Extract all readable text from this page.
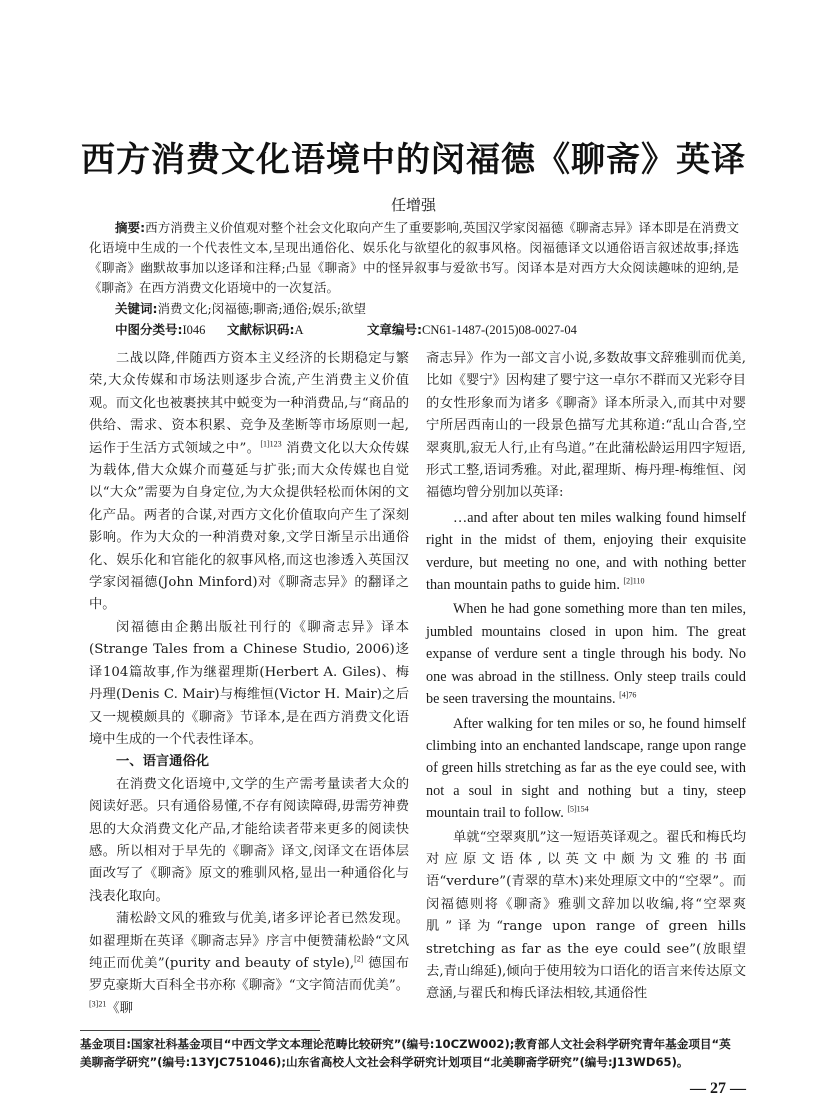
西方消费文化语境中的闵福德《聊斋》英译
任增强
摘要:西方消费主义价值观对整个社会文化取向产生了重要影响,英国汉学家闵福德《聊斋志异》译本即是在消费文化语境中生成的一个代表性文本,呈现出通俗化、娱乐化与欲望化的叙事风格。闵福德译文以通俗语言叙述故事;择选《聊斋》幽默故事加以迻译和注释;凸显《聊斋》中的怪异叙事与爱欲书写。闵译本是对西方大众阅读趣味的迎纳,是《聊斋》在西方消费文化语境中的一次复活。
关键词:消费文化;闵福德;聊斋;通俗;娱乐;欲望
中图分类号:I046	文献标识码:A	文章编号:CN61-1487-(2015)08-0027-04

二战以降,伴随西方资本主义经济的长期稳定与繁荣,大众传媒和市场法则逐步合流,产生消费主义价值观。而文化也被裹挟其中蜕变为一种消费品,与“商品的供给、需求、资本积累、竞争及垄断等市场原则一起,运作于生活方式领域之中”。$^{[1]123}$ 消费文化以大众传媒为载体,借大众媒介而蔓延与扩张;而大众传媒也自觉以“大众”需要为自身定位,为大众提供轻松而休闲的文化产品。两者的合谋,对西方文化价值取向产生了深刻影响。作为大众的一种消费对象,文学日渐呈示出通俗化、娱乐化和官能化的叙事风格,而这也渗透入英国汉学家闵福德(John Minford)对《聊斋志异》的翻译之中。

闵福德由企鹅出版社刊行的《聊斋志异》译本(Strange Tales from a Chinese Studio, 2006)迻译104篇故事,作为继翟理斯(Herbert A. Giles)、梅丹理(Denis C. Mair)与梅维恒(Victor H. Mair)之后又一规模颇具的《聊斋》节译本,是在西方消费文化语境中生成的一个代表性译本。

一、语言通俗化

在消费文化语境中,文学的生产需考量读者大众的阅读好恶。只有通俗易懂,不存有阅读障碍,毋需劳神费思的大众消费文化产品,才能给读者带来更多的阅读快感。所以相对于早先的《聊斋》译文,闵译文在语体层面改写了《聊斋》原文的雅驯风格,显出一种通俗化与浅表化取向。

蒲松龄文风的雅致与优美,诸多评论者已然发现。如翟理斯在英译《聊斋志异》序言中便赞蒲松龄“文风纯正而优美”(purity and beauty of style),[2] 德国布罗克豪斯大百科全书亦称《聊斋》“文字简洁而优美”。$^{[3]21}$《聊

斋志异》作为一部文言小说,多数故事文辞雅驯而优美,比如《婴宁》因构建了婴宁这一卓尔不群而又光彩夺目的女性形象而为诸多《聊斋》译本所录入,而其中对婴宁所居西南山的一段景色描写尤其称道:“乱山合沓,空翠爽肌,寂无人行,止有鸟道。”在此蒲松龄运用四字短语,形式工整,语词秀雅。对此,翟理斯、梅丹理-梅维恒、闵福德均曾分别加以英译:

…and after about ten miles walking found himself right in the midst of them, enjoying their exquisite verdure, but meeting no one, and with nothing better than mountain paths to guide him. $^{[2]110}$

When he had gone something more than ten miles, jumbled mountains closed in upon him. The great expanse of verdure sent a tingle through his body. No one was abroad in the stillness. Only steep trails could be seen traversing the mountains. $^{[4]76}$

After walking for ten miles or so, he found himself climbing into an enchanted landscape, range upon range of green hills stretching as far as the eye could see, with not a soul in sight and nothing but a tiny, steep mountain trail to follow. $^{[5]154}$

单就“空翠爽肌”这一短语英译观之。翟氏和梅氏均对应原文语体,以英文中颇为文雅的书面语“verdure”(青翠的草木)来处理原文中的“空翠”。而闵福德则将《聊斋》雅驯文辞加以收编,将“空翠爽肌”译为“range upon range of green hills stretching as far as the eye could see”(放眼望去,青山绵延),倾向于使用较为口语化的语言来传达原文意涵,与翟氏和梅氏译法相较,其通俗性

基金项目:国家社科基金项目“中西文学文本理论范畴比较研究”(编号:10CZW002);教育部人文社会科学研究青年基金项目“英美聊斋学研究”(编号:13YJC751046);山东省高校人文社会科学研究计划项目“北美聊斋学研究”(编号:J13WD65)。
— 27 —
